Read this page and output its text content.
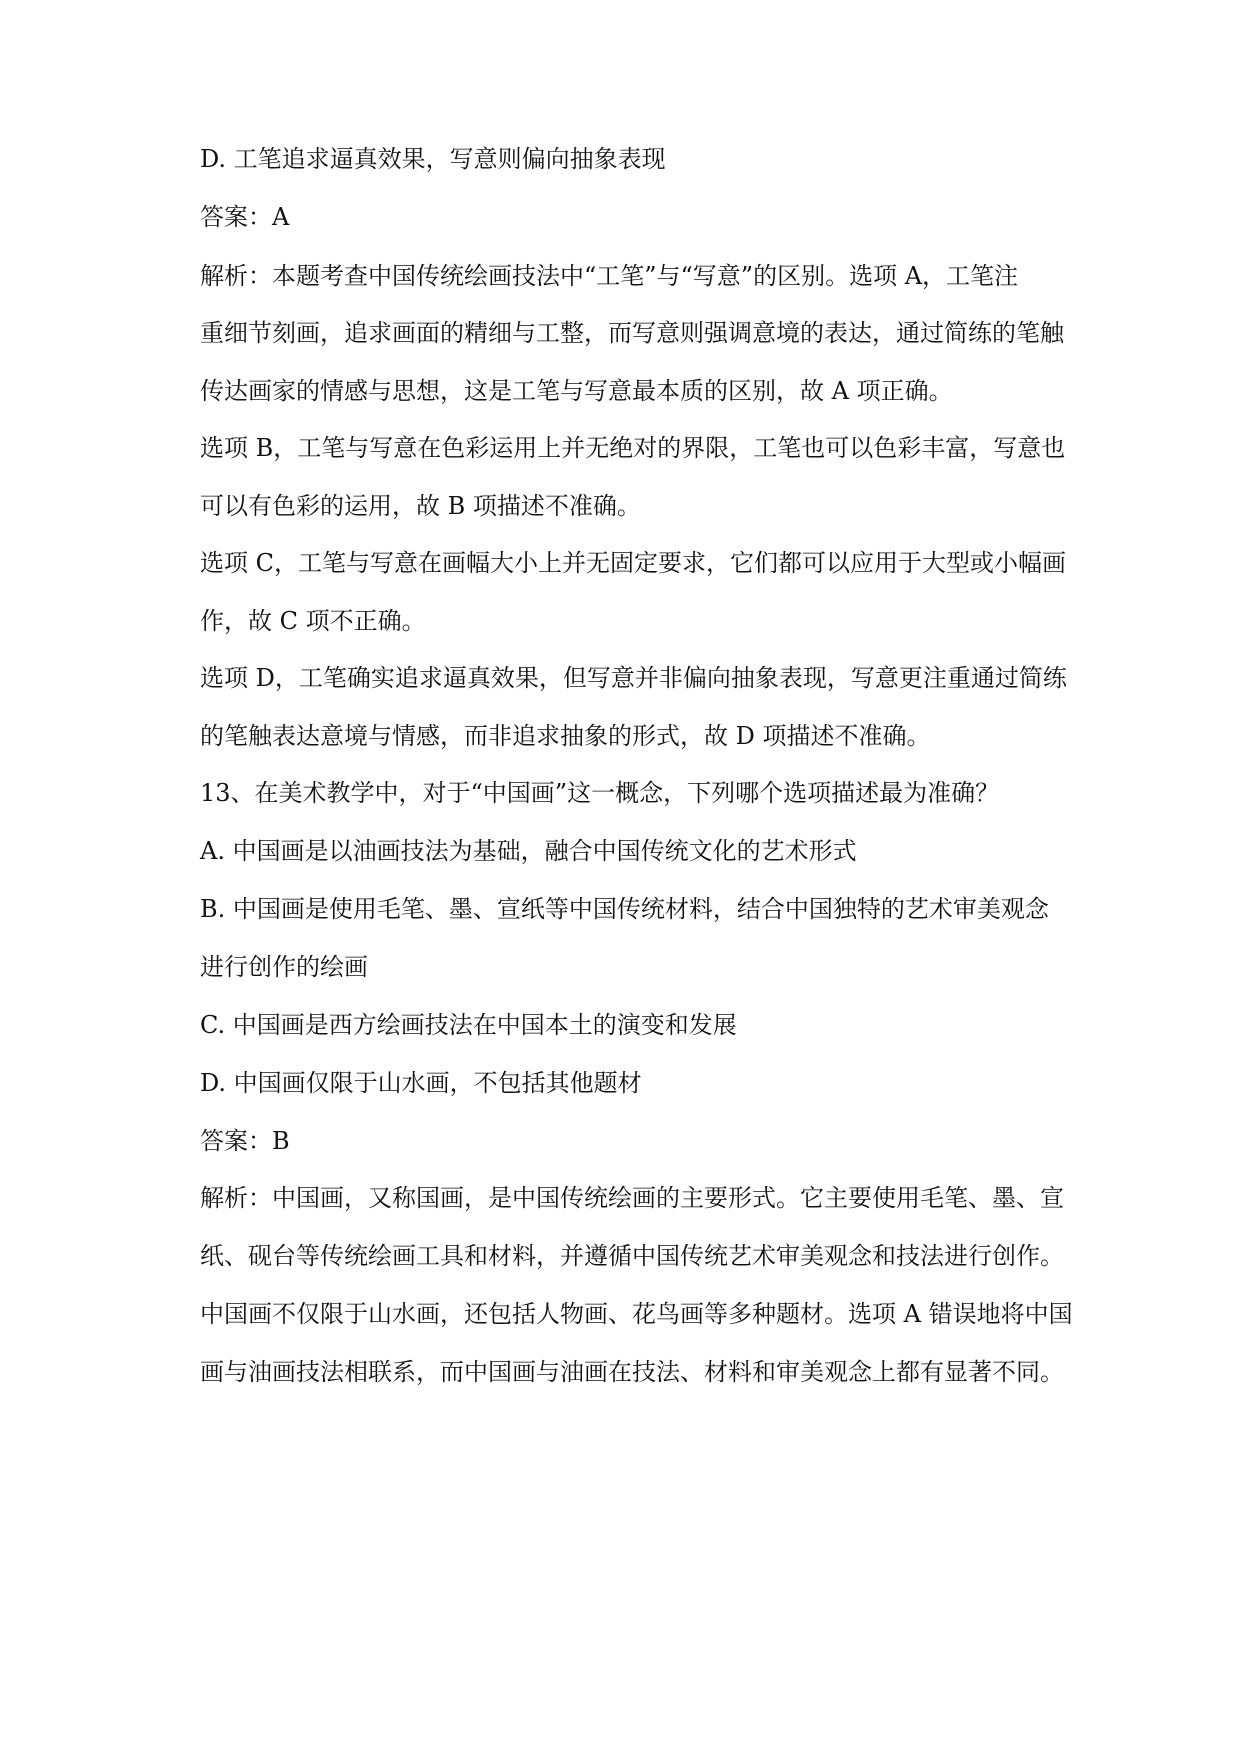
D. 工笔追求逼真效果，写意则偏向抽象表现

答案：A

解析：本题考查中国传统绘画技法中“工笔”与“写意”的区别。选项 A，工笔注

重细节刻画，追求画面的精细与工整，而写意则强调意境的表达，通过简练的笔触

传达画家的情感与思想，这是工笔与写意最本质的区别，故 A 项正确。

选项 B，工笔与写意在色彩运用上并无绝对的界限，工笔也可以色彩丰富，写意也

可以有色彩的运用，故 B 项描述不准确。

选项 C，工笔与写意在画幅大小上并无固定要求，它们都可以应用于大型或小幅画

作，故 C 项不正确。

选项 D，工笔确实追求逼真效果，但写意并非偏向抽象表现，写意更注重通过简练

的笔触表达意境与情感，而非追求抽象的形式，故 D 项描述不准确。

13、在美术教学中，对于“中国画”这一概念，下列哪个选项描述最为准确？

A. 中国画是以油画技法为基础，融合中国传统文化的艺术形式

B. 中国画是使用毛笔、墨、宣纸等中国传统材料，结合中国独特的艺术审美观念

进行创作的绘画

C. 中国画是西方绘画技法在中国本土的演变和发展

D. 中国画仅限于山水画，不包括其他题材

答案：B

解析：中国画，又称国画，是中国传统绘画的主要形式。它主要使用毛笔、墨、宣

纸、砚台等传统绘画工具和材料，并遵循中国传统艺术审美观念和技法进行创作。

中国画不仅限于山水画，还包括人物画、花鸟画等多种题材。选项 A 错误地将中国

画与油画技法相联系，而中国画与油画在技法、材料和审美观念上都有显著不同。
